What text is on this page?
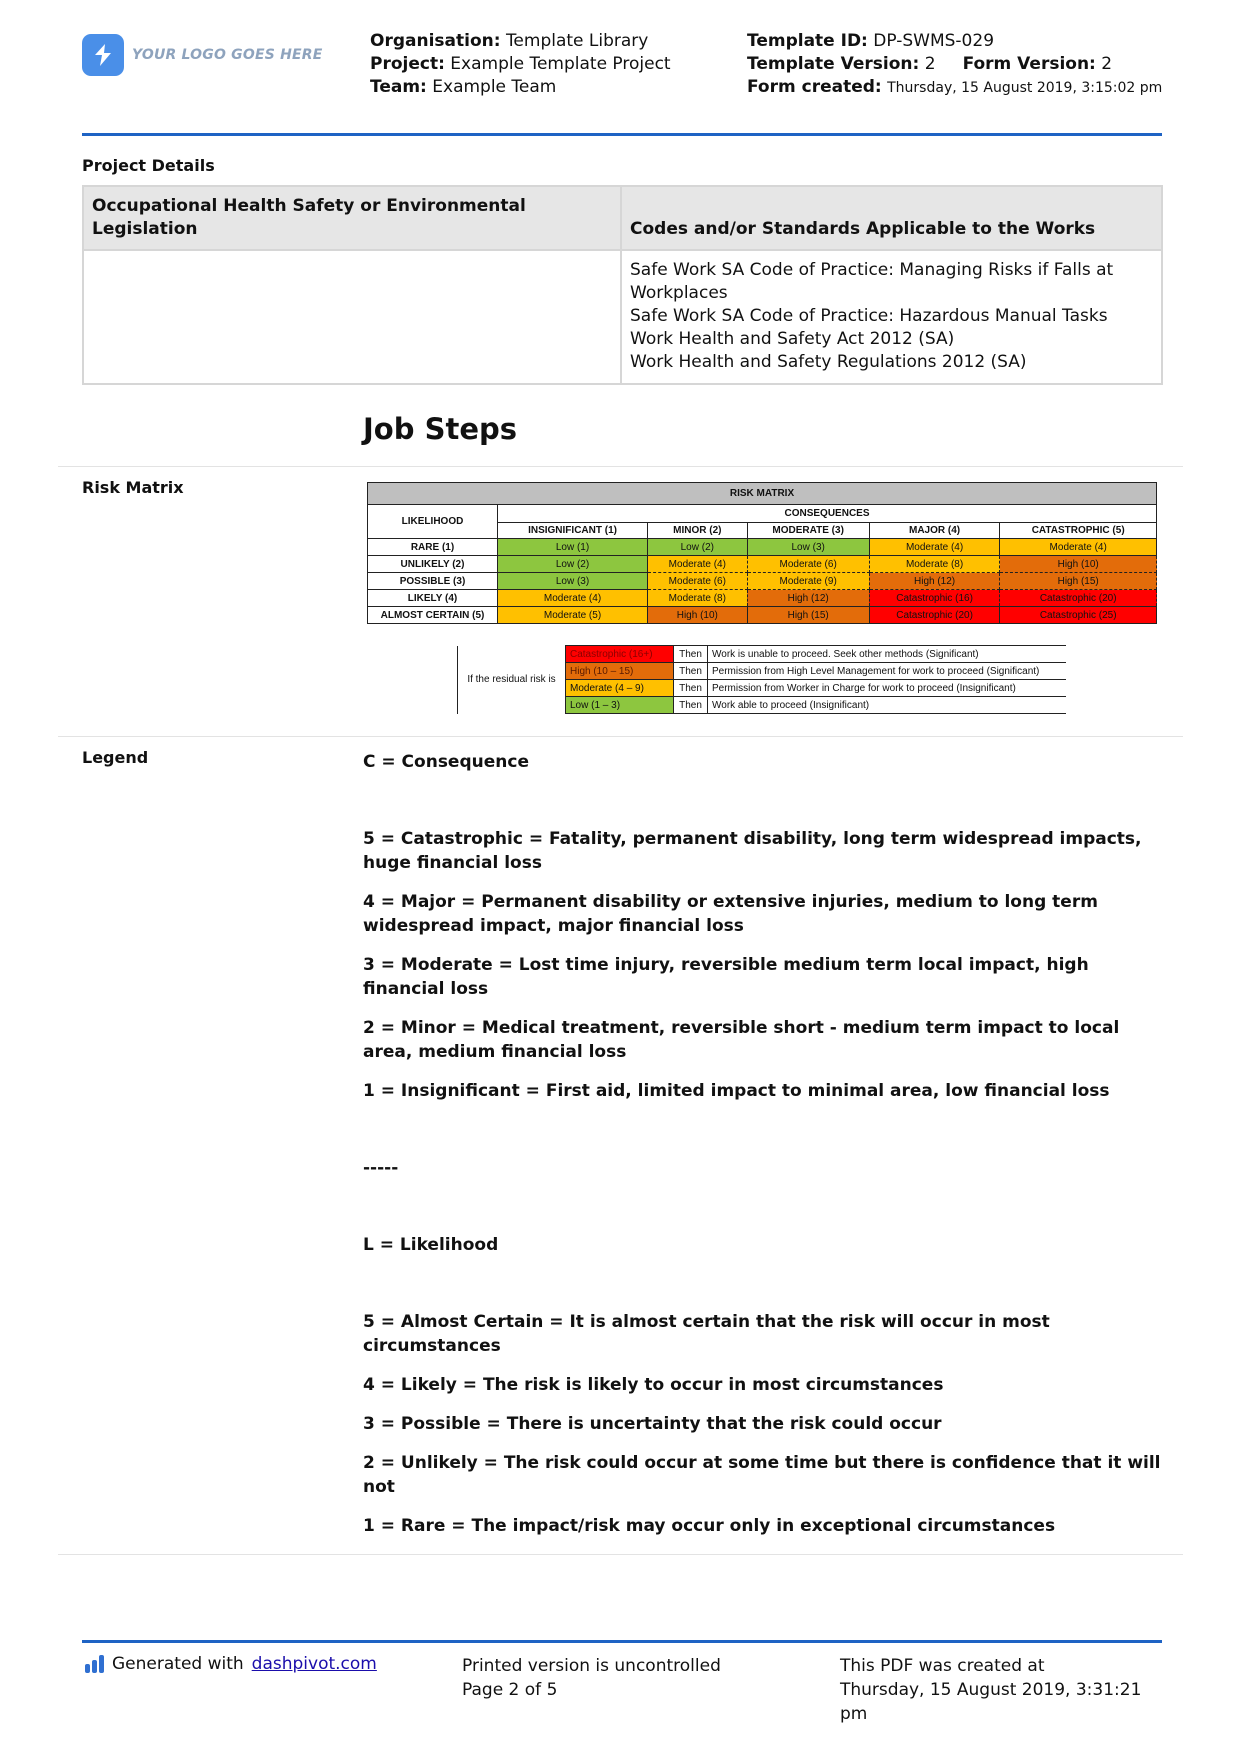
YOUR LOGO GOES HERE
Organisation: Template Library
Project: Example Template Project
Team: Example Team
Template ID: DP-SWMS-029
Template Version: 2 Form Version: 2
Form created: Thursday, 15 August 2019, 3:15:02 pm
Project Details
Occupational Health Safety or Environmental Legislation	Codes and/or Standards Applicable to the Works

	Safe Work SA Code of Practice: Managing Risks if Falls at Workplaces
Safe Work SA Code of Practice: Hazardous Manual Tasks
Work Health and Safety Act 2012 (SA)
Work Health and Safety Regulations 2012 (SA)
Job Steps
Risk Matrix	RISK MATRIX					
LIKELIHOOD	CONSEQUENCES				
	INSIGNIFICANT (1)	MINOR (2)	MODERATE (3)	MAJOR (4)	CATASTROPHIC (5)
RARE (1)	Low (1)	Low (2)	Low (3)	Moderate (4)	Moderate (4)
UNLIKELY (2)	Low (2)	Moderate (4)	Moderate (6)	Moderate (8)	High (10)
POSSIBLE (3)	Low (3)	Moderate (6)	Moderate (9)	High (12)	High (15)
LIKELY (4)	Moderate (4)	Moderate (8)	High (12)	Catastrophic (16)	Catastrophic (20)
ALMOST CERTAIN (5)	Moderate (5)	High (10)	High (15)	Catastrophic (20)	Catastrophic (25)
If the residual risk is	Catastrophic (16+)	Then	Work is unable to proceed. Seek other methods (Significant)
	High (10 – 15)	Then	Permission from High Level Management for work to proceed (Significant)
	Moderate (4 – 9)	Then	Permission from Worker in Charge for work to proceed (Insignificant)
	Low (1 – 3)	Then	Work able to proceed (Insignificant)
Legend	C = Consequence

5 = Catastrophic = Fatality, permanent disability, long term widespread impacts, huge financial loss

4 = Major = Permanent disability or extensive injuries, medium to long term widespread impact, major financial loss

3 = Moderate = Lost time injury, reversible medium term local impact, high financial loss

2 = Minor = Medical treatment, reversible short - medium term impact to local area, medium financial loss

1 = Insignificant = First aid, limited impact to minimal area, low financial loss

-----

L = Likelihood

5 = Almost Certain = It is almost certain that the risk will occur in most circumstances

4 = Likely = The risk is likely to occur in most circumstances

3 = Possible = There is uncertainty that the risk could occur

2 = Unlikely = The risk could occur at some time but there is confidence that it will not

1 = Rare = The impact/risk may occur only in exceptional circumstances

Generated with dashpivot.com	Printed version is uncontrolled
Page 2 of 5
This PDF was created at
Thursday, 15 August 2019, 3:31:21 pm
